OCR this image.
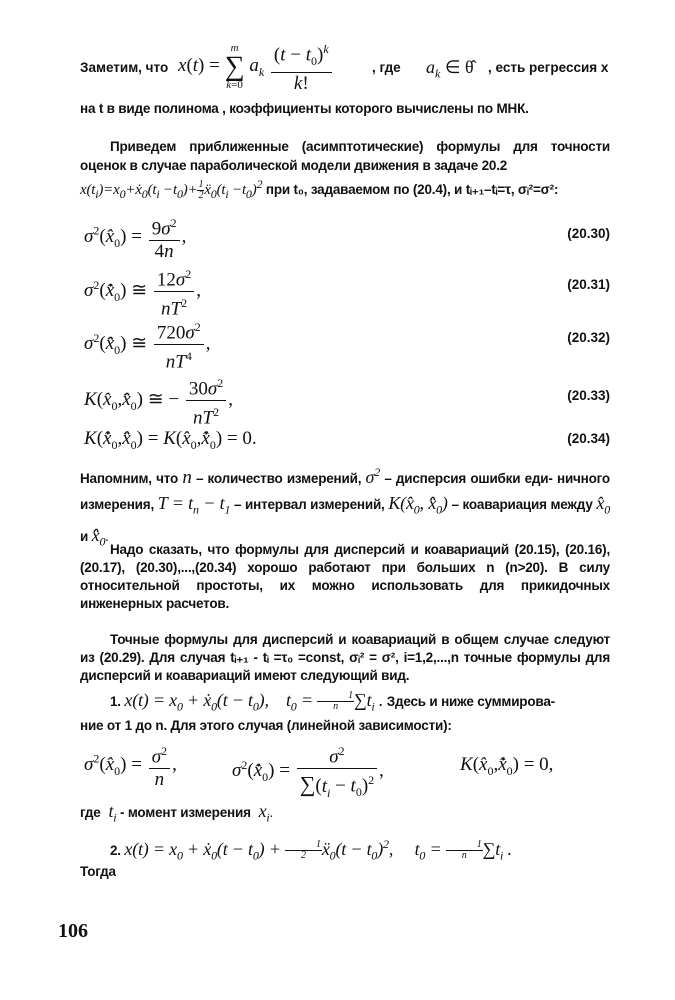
Заметим, что x(t) =
m
∑
k=0
$a_k \frac{(t - t_0)^k}{k!}$	, где $a_k$ ∈ θ̂ , есть регрессия x
на t в виде полинома , коэффициенты которого вычислены по МНК.
Приведем приближенные (асимптотические) формулы для точности оценок в случае параболической модели движения в задаче 20.2
$x(t_i)=x_0+ẋ_0(t_i -t_0)+$ $\frac{1}{2}ẍ_0(t_i -t_0)^2$ при t₀, задаваемом по (20.4), и tᵢ₊₁–tᵢ=τ, σᵢ²=σ²:
$\sigma^2(x̂_0) = \frac{9\sigma^2}{4n}$ ,	(20.30)
$\sigma^2(x̂̇_0)$ ≅ $\frac{12\sigma^2}{nT^2}$ ,	(20.31)
$\sigma^2(x̂̈_0)$ ≅ $\frac{720\sigma^2}{nT^4}$ ,	(20.32)
$K(x̂_0,x̂̈_0)$ ≅ − $\frac{30\sigma^2}{nT^2}$ ,	(20.33)
$K(x̂̇_0,x̂̈_0)$ = $K(x̂_0,x̂̇_0) = 0$.	(20.34)
Напомним, что n – количество измерений, $\sigma^2$ – дисперсия ошибки еди- ничного измерения, $T = t_n - t_1$ – интервал измерений, $K(x̂_0$, $x̂̈_0$) – коавариация между $x̂_0$ и $x̂̈_0$.
Надо сказать, что формулы для дисперсий и коавариаций (20.15), (20.16), (20.17), (20.30),...,(20.34) хорошо работают при больших n (n>20). В силу относительной простоты, их можно использовать для прикидочных инженерных расчетов.
Точные формулы для дисперсий и коавариаций в общем случае следуют из (20.29). Для случая tᵢ₊₁ - tᵢ =τ₀ =const, σᵢ² = σ², i=1,2,...,n точные формулы для дисперсий и коавариаций имеют следующий вид.
1. $x(t) = x_0$ + ẋ$_0$(t − $t_0$),    $t_0 = \frac{1}{n}\sum t_i$ . Здесь и ниже суммирова-
ние от 1 до n. Для этого случая (линейной зависимости):
$\sigma^2(x̂_0) = \frac{\sigma^2}{n}$ ,	$\sigma^2(x̂̇_0) = \frac{\sigma^2}{\sum(t_i - t_0)^2}$ ,	$K(x̂_0,x̂̇_0) = 0$,
где  $t_i$ - момент измерения  $x_i$.
2. $x(t) = x_0$ + ẋ$_0$(t − $t_0$) + $\frac{1}{2}ẍ_0(t - t_0)^2$,     $t_0 = \frac{1}{n}\sum t_i$ .
Тогда
106
